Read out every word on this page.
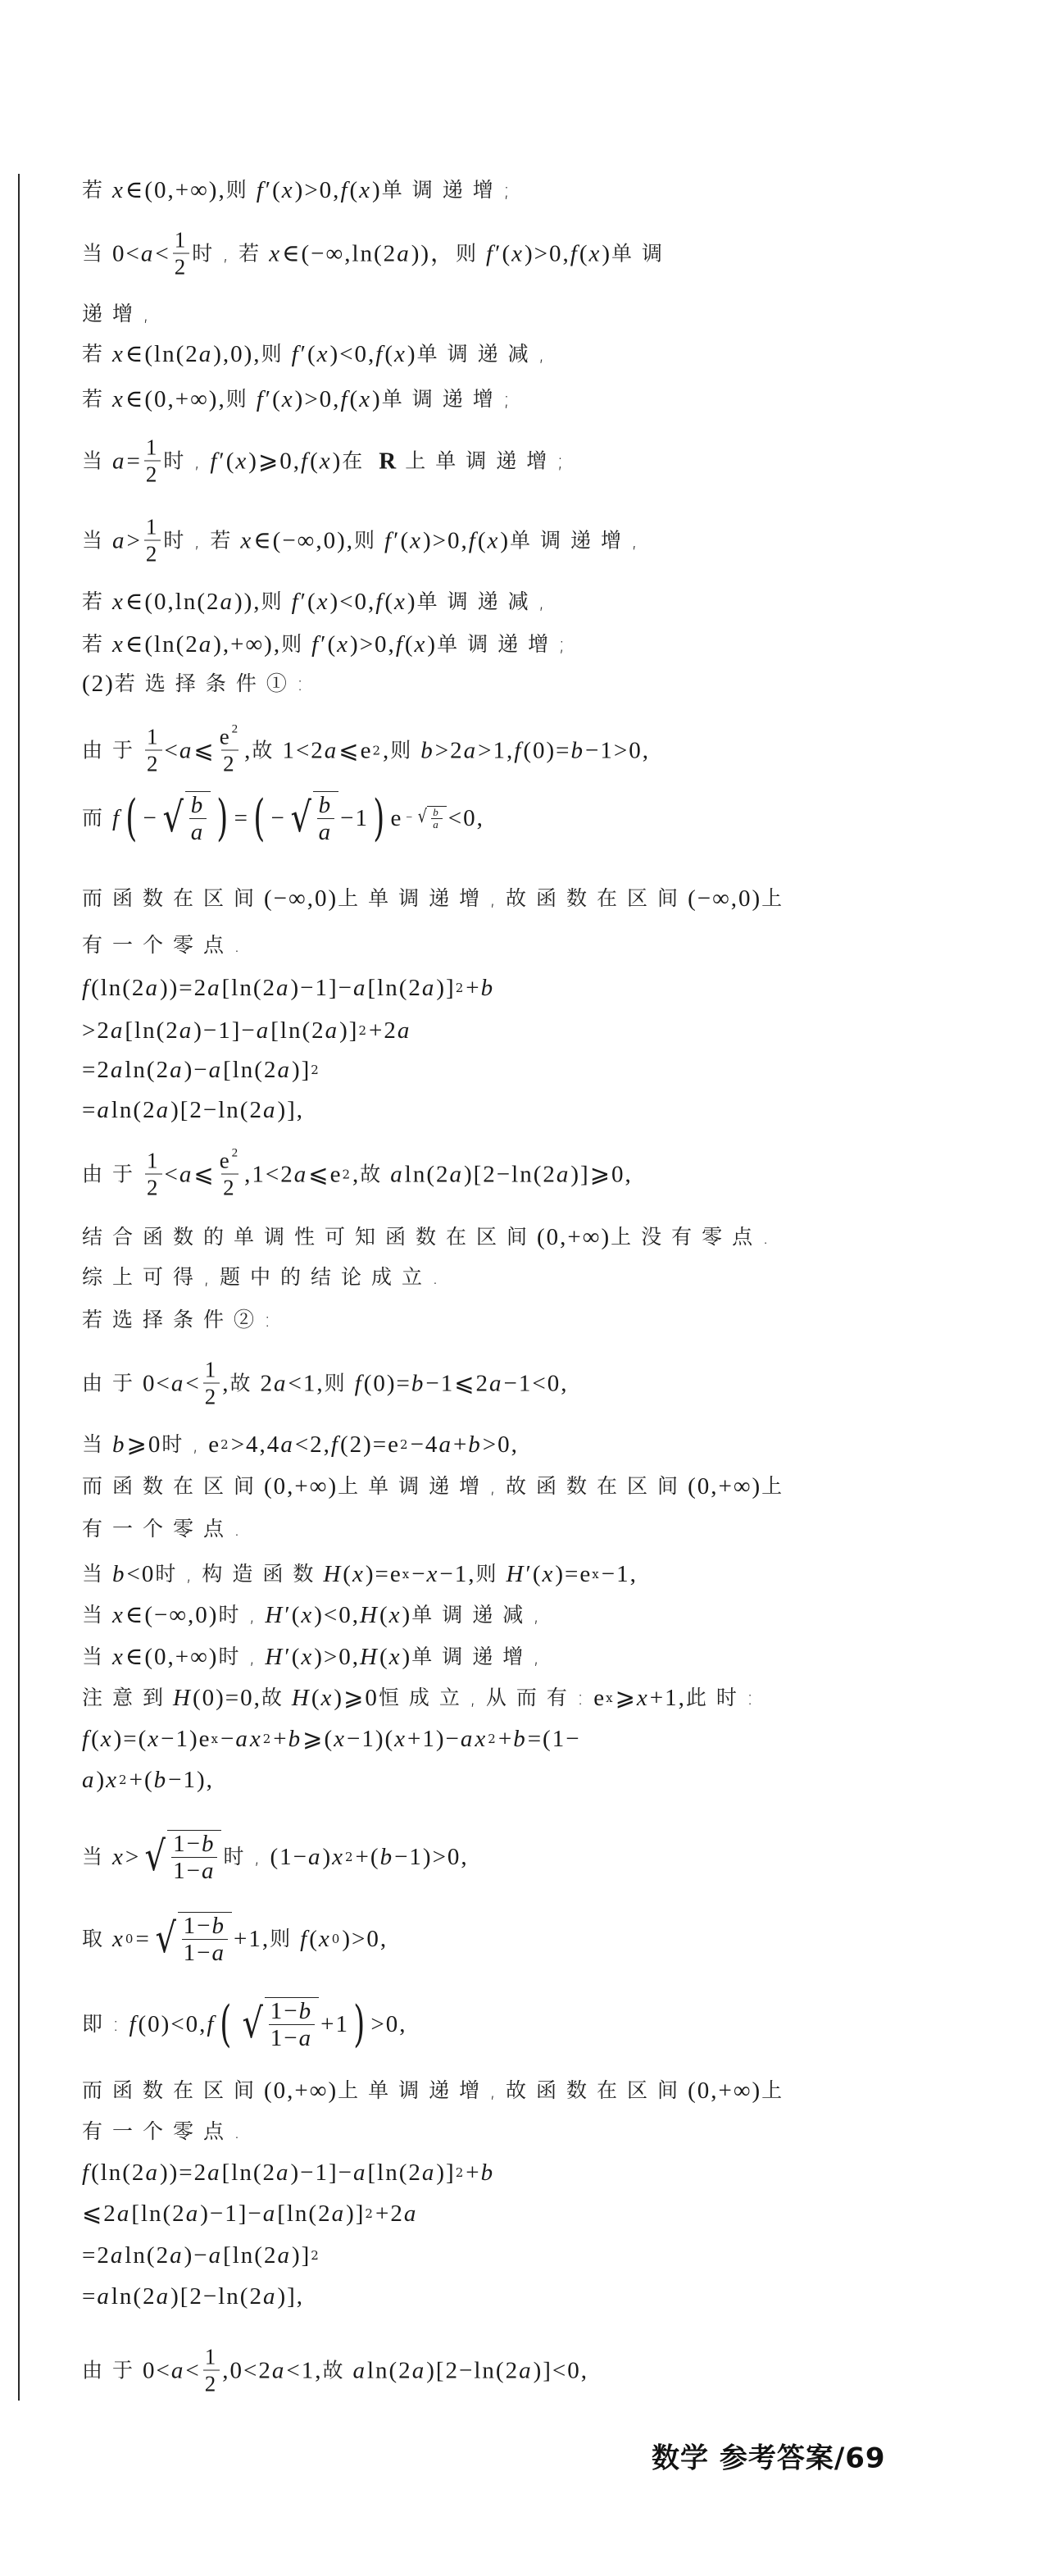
若 x ∈(0,+∞), 则 f ′( x )>0, f ( x ) 单调递增;
当 $0< a < \frac{1}{2}$ 时,若 x ∈(−∞,ln(2 a ))， 则 f ′( x )>0, f ( x ) 单调
递增,
若 x ∈(ln(2 a ),0), 则 f ′( x )<0, f ( x ) 单调递减,
若 x ∈(0,+∞), 则 f ′( x )>0, f ( x ) 单调递增;
当 $a = \frac{1}{2}$ 时, f ′( x )⩾0, f ( x ) 在 R 上单调递增;
当 $a > \frac{1}{2}$ 时,若 x ∈(−∞,0), 则 f ′( x )>0, f ( x ) 单调递增,
若 x ∈(0,ln(2 a )), 则 f ′( x )<0, f ( x ) 单调递减,
若 x ∈(ln(2 a ),+∞), 则 f ′( x )>0, f ( x ) 单调递增;
(2) 若选择条件①:
由于 $\frac{1}{2} < a$ ⩽ $\frac{e^2}{2}$ , 故 1<2 a ⩽e 2 , 则 b >2 a >1, f (0)= b −1>0,
而 f ( − √ $\frac{b}{a}$ ) = ( − √ $\frac{b}{a} -1$ ) e − √ $\frac{b}{a} <0$,
而函数在区间 (−∞,0) 上单调递增,故函数在区间 (−∞,0) 上
有一个零点.
f (ln(2 a ))=2 a [ln(2 a )−1]− a [ln(2 a )] 2 + b
>2 a [ln(2 a )−1]− a [ln(2 a )] 2 +2 a
=2 a ln(2 a )− a [ln(2 a )] 2
= a ln(2 a )[2−ln(2 a )],
由于 $\frac{1}{2} < a$ ⩽ $\frac{e^2}{2} ,1<2$ a ⩽e 2 , 故 a ln(2 a )[2−ln(2 a )]⩾0,
结合函数的单调性可知函数在区间 (0,+∞) 上没有零点.
综上可得,题中的结论成立.
若选择条件②:
由于 $0< a < \frac{1}{2}$ , 故 2 a <1, 则 f (0)= b −1⩽2 a −1<0,
当 b ⩾0 时, e 2 >4,4 a <2, f (2)=e 2 −4 a + b >0,
而函数在区间 (0,+∞) 上单调递增,故函数在区间 (0,+∞) 上
有一个零点.
当 b <0 时,构造函数 H ( x )=e x − x −1, 则 H ′( x )=e x −1,
当 x ∈(−∞,0) 时, H ′( x )<0, H ( x ) 单调递减,
当 x ∈(0,+∞) 时, H ′( x )>0, H ( x ) 单调递增,
注意到 H (0)=0, 故 H ( x )⩾0 恒成立,从而有: e x ⩾ x +1, 此时:
f ( x )=( x −1)e x − ax 2 + b ⩾( x −1)( x +1)− ax 2 + b =(1−
a ) x 2 +( b −1),
当 x > √ $\frac{1-b}{1-a}$ 时, (1− a ) x 2 +( b −1)>0,
取 x 0 = √ $\frac{1-b}{1-a} +1$, 则 f ( x 0 )>0,
即: f (0)<0, f ( √ $\frac{1-b}{1-a} +1$ ) >0,
而函数在区间 (0,+∞) 上单调递增,故函数在区间 (0,+∞) 上
有一个零点.
f (ln(2 a ))=2 a [ln(2 a )−1]− a [ln(2 a )] 2 + b
⩽2 a [ln(2 a )−1]− a [ln(2 a )] 2 +2 a
=2 a ln(2 a )− a [ln(2 a )] 2
= a ln(2 a )[2−ln(2 a )],
由于 $0< a < \frac{1}{2} ,0<2$ a <1, 故 a ln(2 a )[2−ln(2 a )]<0,
数学 参考答案/69
